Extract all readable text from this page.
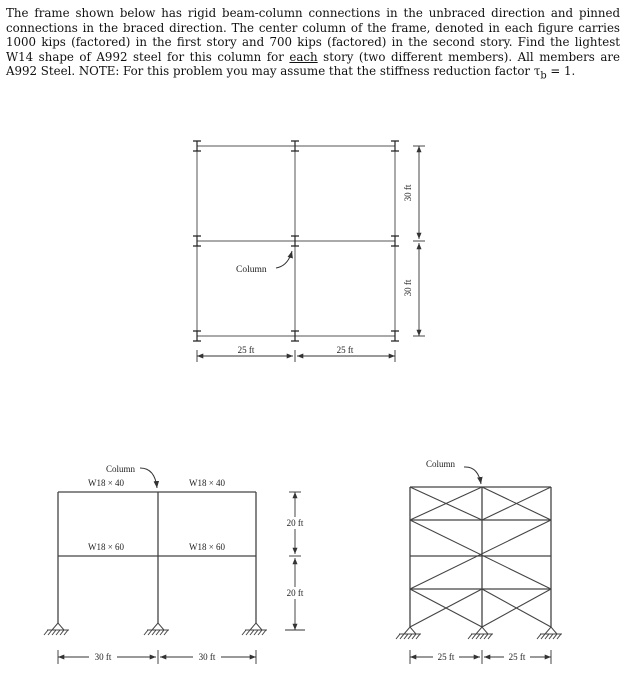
The frame shown below has rigid beam-column connections in the unbraced direction and pinned connections in the braced direction. The center column of the frame, denoted in each figure carries 1000 kips (factored) in the first story and 700 kips (factored) in the second story. Find the lightest W14 shape of A992 steel for this column for each story (two different members). All members are A992 Steel. NOTE: For this problem you may assume that the stiffness reduction factor $\tau_b = 1$.

Column
25 ft	25 ft
30 ft
30 ft
Column
W18 × 40	W18 × 40
W18 × 60	W18 × 60
20 ft
20 ft
30 ft	30 ft
Column
25 ft	25 ft
